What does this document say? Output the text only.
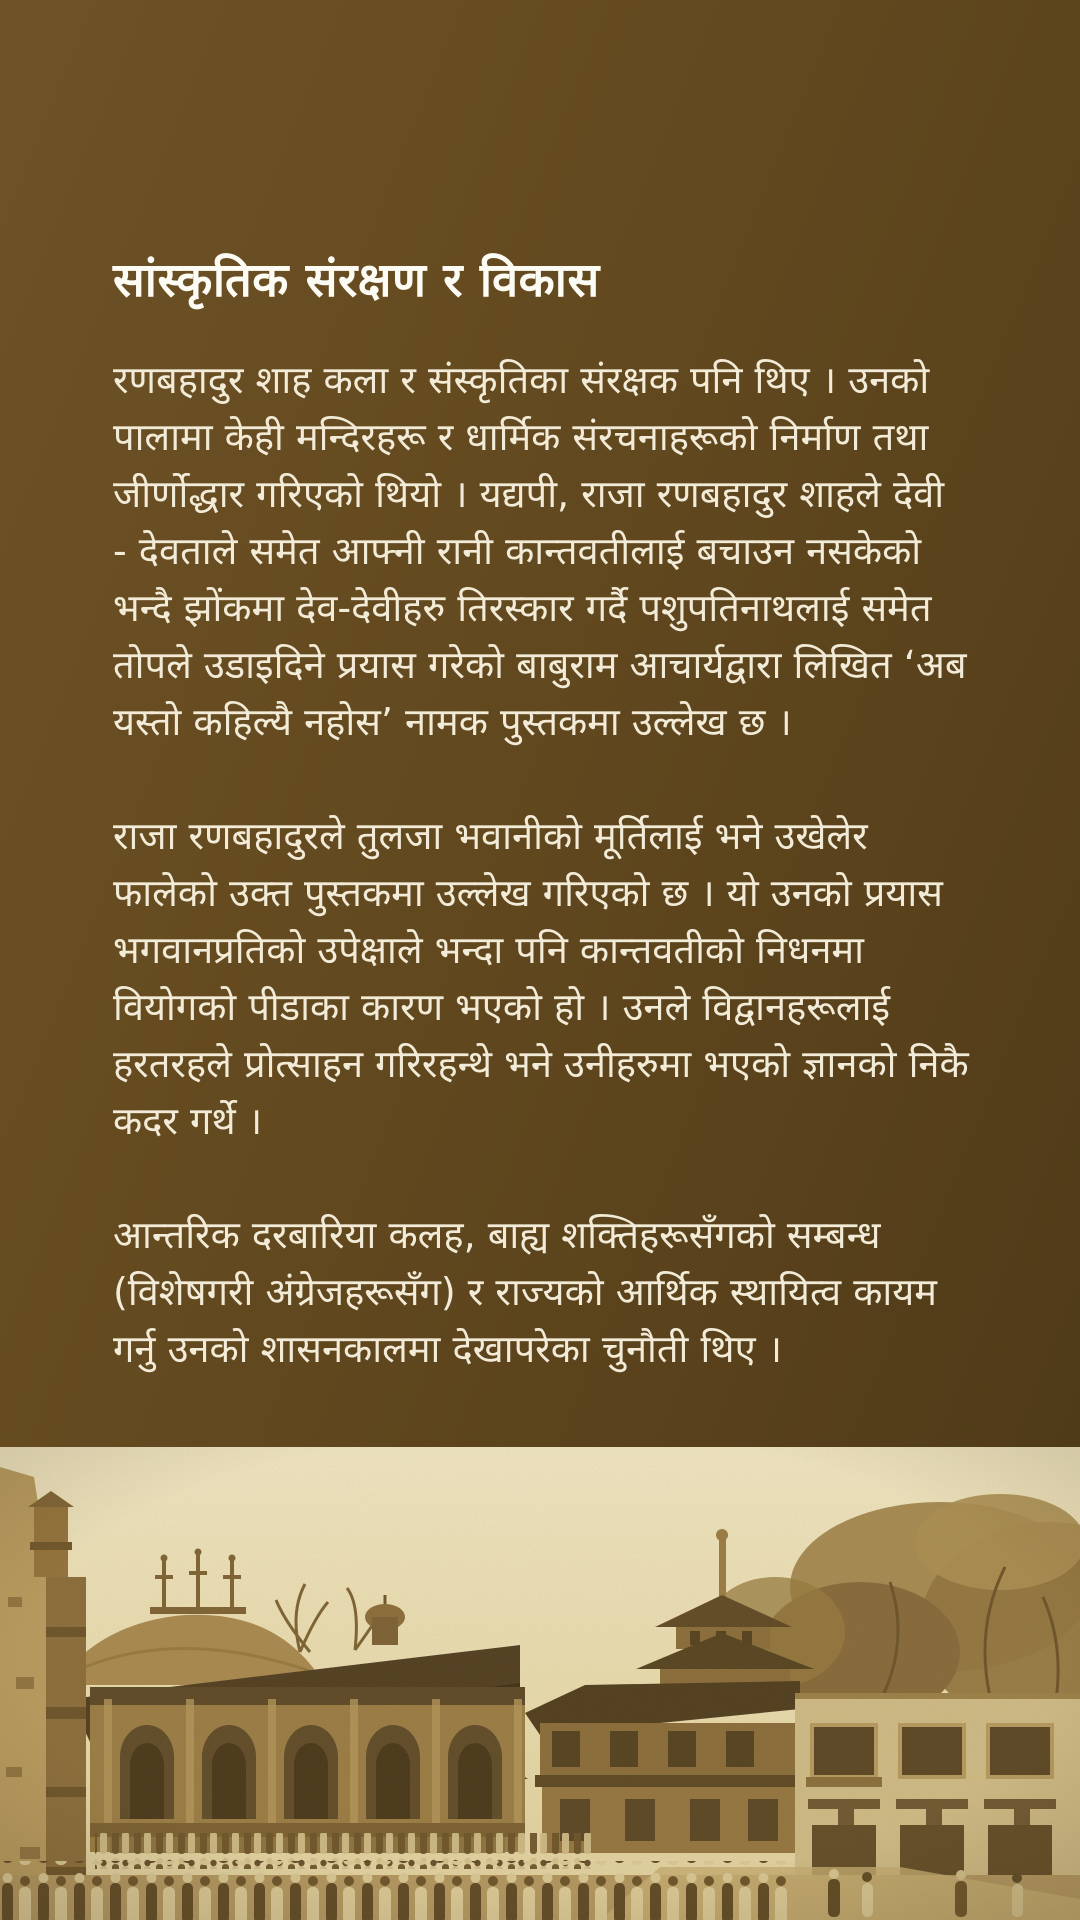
सांस्कृतिक संरक्षण र विकास

रणबहादुर शाह कला र संस्कृतिका संरक्षक पनि थिए । उनको पालामा केही मन्दिरहरू र धार्मिक संरचनाहरूको निर्माण तथा जीर्णोद्धार गरिएको थियो । यद्यपी, राजा रणबहादुर शाहले देवी - देवताले समेत आफ्नी रानी कान्तवतीलाई बचाउन नसकेको भन्दै झोंकमा देव-देवीहरु तिरस्कार गर्दै पशुपतिनाथलाई समेत तोपले उडाइदिने प्रयास गरेको बाबुराम आचार्यद्वारा लिखित ‘अब यस्तो कहिल्यै नहोस’ नामक पुस्तकमा उल्लेख छ ।

राजा रणबहादुरले तुलजा भवानीको मूर्तिलाई भने उखेलेर फालेको उक्त पुस्तकमा उल्लेख गरिएको छ । यो उनको प्रयास भगवानप्रतिको उपेक्षाले भन्दा पनि कान्तवतीको निधनमा वियोगको पीडाका कारण भएको हो । उनले विद्वानहरूलाई हरतरहले प्रोत्साहन गरिरहन्थे भने उनीहरुमा भएको ज्ञानको निकै कदर गर्थे ।

आन्तरिक दरबारिया कलह, बाह्य शक्तिहरूसँगको सम्बन्ध (विशेषगरी अंग्रेजहरूसँग) र राज्यको आर्थिक स्थायित्व कायम गर्नु उनको शासनकालमा देखापरेका चुनौती थिए ।
